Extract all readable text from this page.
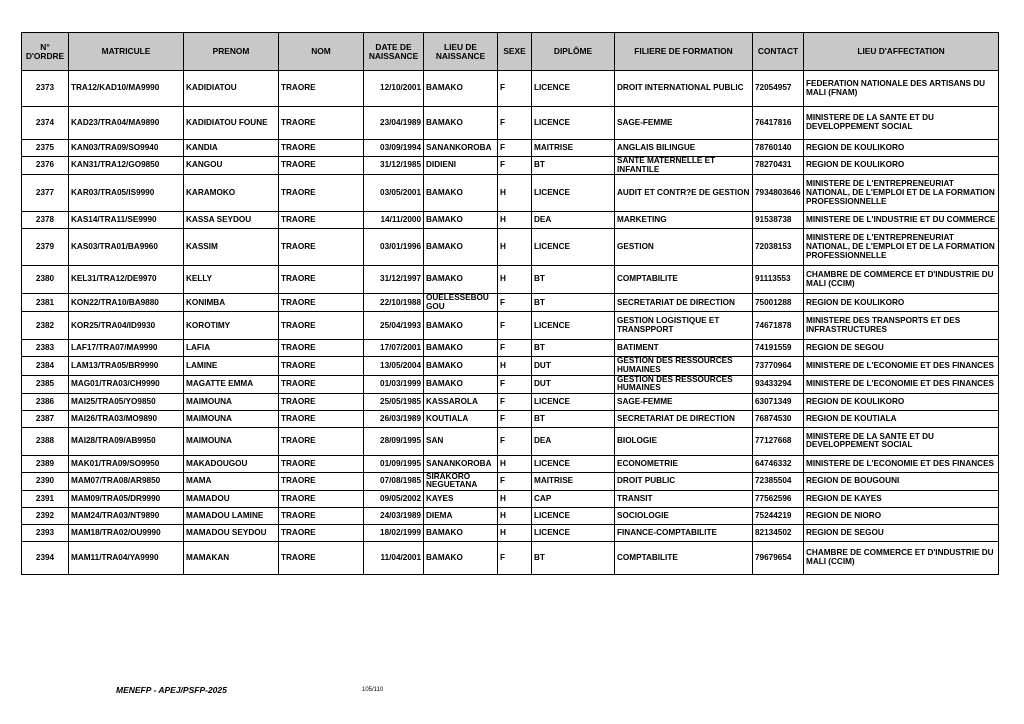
N° D'ORDRE	MATRICULE	PRENOM	NOM	DATE DE NAISSANCE	LIEU DE NAISSANCE	SEXE	DIPLÔME	FILIERE DE FORMATION	CONTACT	LIEU D'AFFECTATION
2373	TRA12/KAD10/MA9990	KADIDIATOU	TRAORE	12/10/2001	BAMAKO	F	LICENCE	DROIT INTERNATIONAL PUBLIC	72054957	FEDERATION NATIONALE DES ARTISANS DU MALI (FNAM)
2374	KAD23/TRA04/MA9890	KADIDIATOU FOUNE	TRAORE	23/04/1989	BAMAKO	F	LICENCE	SAGE-FEMME	76417816	MINISTERE DE LA SANTE ET DU DEVELOPPEMENT SOCIAL
2375	KAN03/TRA09/SO9940	KANDIA	TRAORE	03/09/1994	SANANKOROBA	F	MAITRISE	ANGLAIS BILINGUE	78760140	REGION DE KOULIKORO
2376	KAN31/TRA12/GO9850	KANGOU	TRAORE	31/12/1985	DIDIENI	F	BT	SANTE MATERNELLE ET INFANTILE	78270431	REGION DE KOULIKORO
2377	KAR03/TRA05/IS9990	KARAMOKO	TRAORE	03/05/2001	BAMAKO	H	LICENCE	AUDIT ET CONTR?E DE GESTION	7934803646	MINISTERE DE L'ENTREPRENEURIAT NATIONAL, DE L'EMPLOI ET DE LA FORMATION PROFESSIONNELLE
2378	KAS14/TRA11/SE9990	KASSA SEYDOU	TRAORE	14/11/2000	BAMAKO	H	DEA	MARKETING	91538738	MINISTERE DE L'INDUSTRIE ET DU COMMERCE
2379	KAS03/TRA01/BA9960	KASSIM	TRAORE	03/01/1996	BAMAKO	H	LICENCE	GESTION	72038153	MINISTERE DE L'ENTREPRENEURIAT NATIONAL, DE L'EMPLOI ET DE LA FORMATION PROFESSIONNELLE
2380	KEL31/TRA12/DE9970	KELLY	TRAORE	31/12/1997	BAMAKO	H	BT	COMPTABILITE	91113553	CHAMBRE DE COMMERCE ET D'INDUSTRIE DU MALI (CCIM)
2381	KON22/TRA10/BA9880	KONIMBA	TRAORE	22/10/1988	OUELESSEBOUGOU	F	BT	SECRETARIAT DE DIRECTION	75001288	REGION DE KOULIKORO
2382	KOR25/TRA04/ID9930	KOROTIMY	TRAORE	25/04/1993	BAMAKO	F	LICENCE	GESTION LOGISTIQUE ET TRANSPPORT	74671878	MINISTERE DES TRANSPORTS ET DES INFRASTRUCTURES
2383	LAF17/TRA07/MA9990	LAFIA	TRAORE	17/07/2001	BAMAKO	F	BT	BATIMENT	74191559	REGION DE SEGOU
2384	LAM13/TRA05/BR9990	LAMINE	TRAORE	13/05/2004	BAMAKO	H	DUT	GESTION DES RESSOURCES HUMAINES	73770964	MINISTERE DE L'ECONOMIE ET DES FINANCES
2385	MAG01/TRA03/CH9990	MAGATTE EMMA	TRAORE	01/03/1999	BAMAKO	F	DUT	GESTION DES RESSOURCES HUMAINES	93433294	MINISTERE DE L'ECONOMIE ET DES FINANCES
2386	MAI25/TRA05/YO9850	MAIMOUNA	TRAORE	25/05/1985	KASSAROLA	F	LICENCE	SAGE-FEMME	63071349	REGION DE KOULIKORO
2387	MAI26/TRA03/MO9890	MAIMOUNA	TRAORE	26/03/1989	KOUTIALA	F	BT	SECRETARIAT DE DIRECTION	76874530	REGION DE KOUTIALA
2388	MAI28/TRA09/AB9950	MAIMOUNA	TRAORE	28/09/1995	SAN	F	DEA	BIOLOGIE	77127668	MINISTERE DE LA SANTE ET DU DEVELOPPEMENT SOCIAL
2389	MAK01/TRA09/SO9950	MAKADOUGOU	TRAORE	01/09/1995	SANANKOROBA	H	LICENCE	ECONOMETRIE	64746332	MINISTERE DE L'ECONOMIE ET DES FINANCES
2390	MAM07/TRA08/AR9850	MAMA	TRAORE	07/08/1985	SIRAKORO NEGUETANA	F	MAITRISE	DROIT PUBLIC	72385504	REGION DE BOUGOUNI
2391	MAM09/TRA05/DR9990	MAMADOU	TRAORE	09/05/2002	KAYES	H	CAP	TRANSIT	77562596	REGION DE KAYES
2392	MAM24/TRA03/NT9890	MAMADOU LAMINE	TRAORE	24/03/1989	DIEMA	H	LICENCE	SOCIOLOGIE	75244219	REGION DE NIORO
2393	MAM18/TRA02/OU9990	MAMADOU SEYDOU	TRAORE	18/02/1999	BAMAKO	H	LICENCE	FINANCE-COMPTABILITE	82134502	REGION DE SEGOU
2394	MAM11/TRA04/YA9990	MAMAKAN	TRAORE	11/04/2001	BAMAKO	F	BT	COMPTABILITE	79679654	CHAMBRE DE COMMERCE ET D'INDUSTRIE DU MALI (CCIM)
MENEFP - APEJ/PSFP-2025	105/110
